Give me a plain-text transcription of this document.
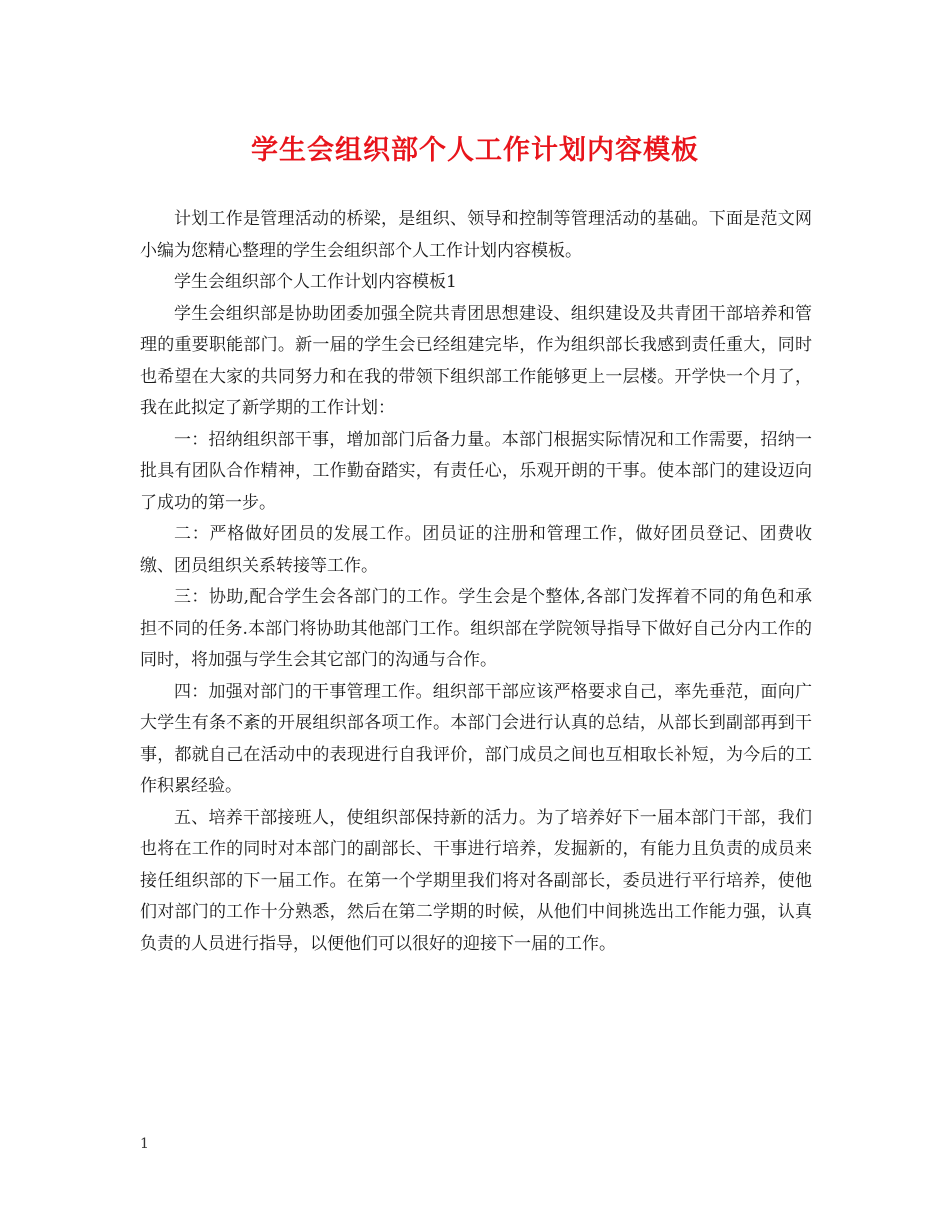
学生会组织部个人工作计划内容模板

计划工作是管理活动的桥梁，是组织、领导和控制等管理活动的基础。下面是范文网小编为您精心整理的学生会组织部个人工作计划内容模板。

学生会组织部个人工作计划内容模板1

学生会组织部是协助团委加强全院共青团思想建设、组织建设及共青团干部培养和管理的重要职能部门。新一届的学生会已经组建完毕，作为组织部长我感到责任重大，同时也希望在大家的共同努力和在我的带领下组织部工作能够更上一层楼。开学快一个月了，我在此拟定了新学期的工作计划：

一：招纳组织部干事，增加部门后备力量。本部门根据实际情况和工作需要，招纳一批具有团队合作精神，工作勤奋踏实，有责任心，乐观开朗的干事。使本部门的建设迈向了成功的第一步。

二：严格做好团员的发展工作。团员证的注册和管理工作，做好团员登记、团费收缴、团员组织关系转接等工作。

三：协助,配合学生会各部门的工作。学生会是个整体,各部门发挥着不同的角色和承担不同的任务.本部门将协助其他部门工作。组织部在学院领导指导下做好自己分内工作的同时，将加强与学生会其它部门的沟通与合作。

四：加强对部门的干事管理工作。组织部干部应该严格要求自己，率先垂范，面向广大学生有条不紊的开展组织部各项工作。本部门会进行认真的总结，从部长到副部再到干事，都就自己在活动中的表现进行自我评价，部门成员之间也互相取长补短，为今后的工作积累经验。

五、培养干部接班人，使组织部保持新的活力。为了培养好下一届本部门干部，我们也将在工作的同时对本部门的副部长、干事进行培养，发掘新的，有能力且负责的成员来接任组织部的下一届工作。在第一个学期里我们将对各副部长，委员进行平行培养，使他们对部门的工作十分熟悉，然后在第二学期的时候，从他们中间挑选出工作能力强，认真负责的人员进行指导，以便他们可以很好的迎接下一届的工作。

1
